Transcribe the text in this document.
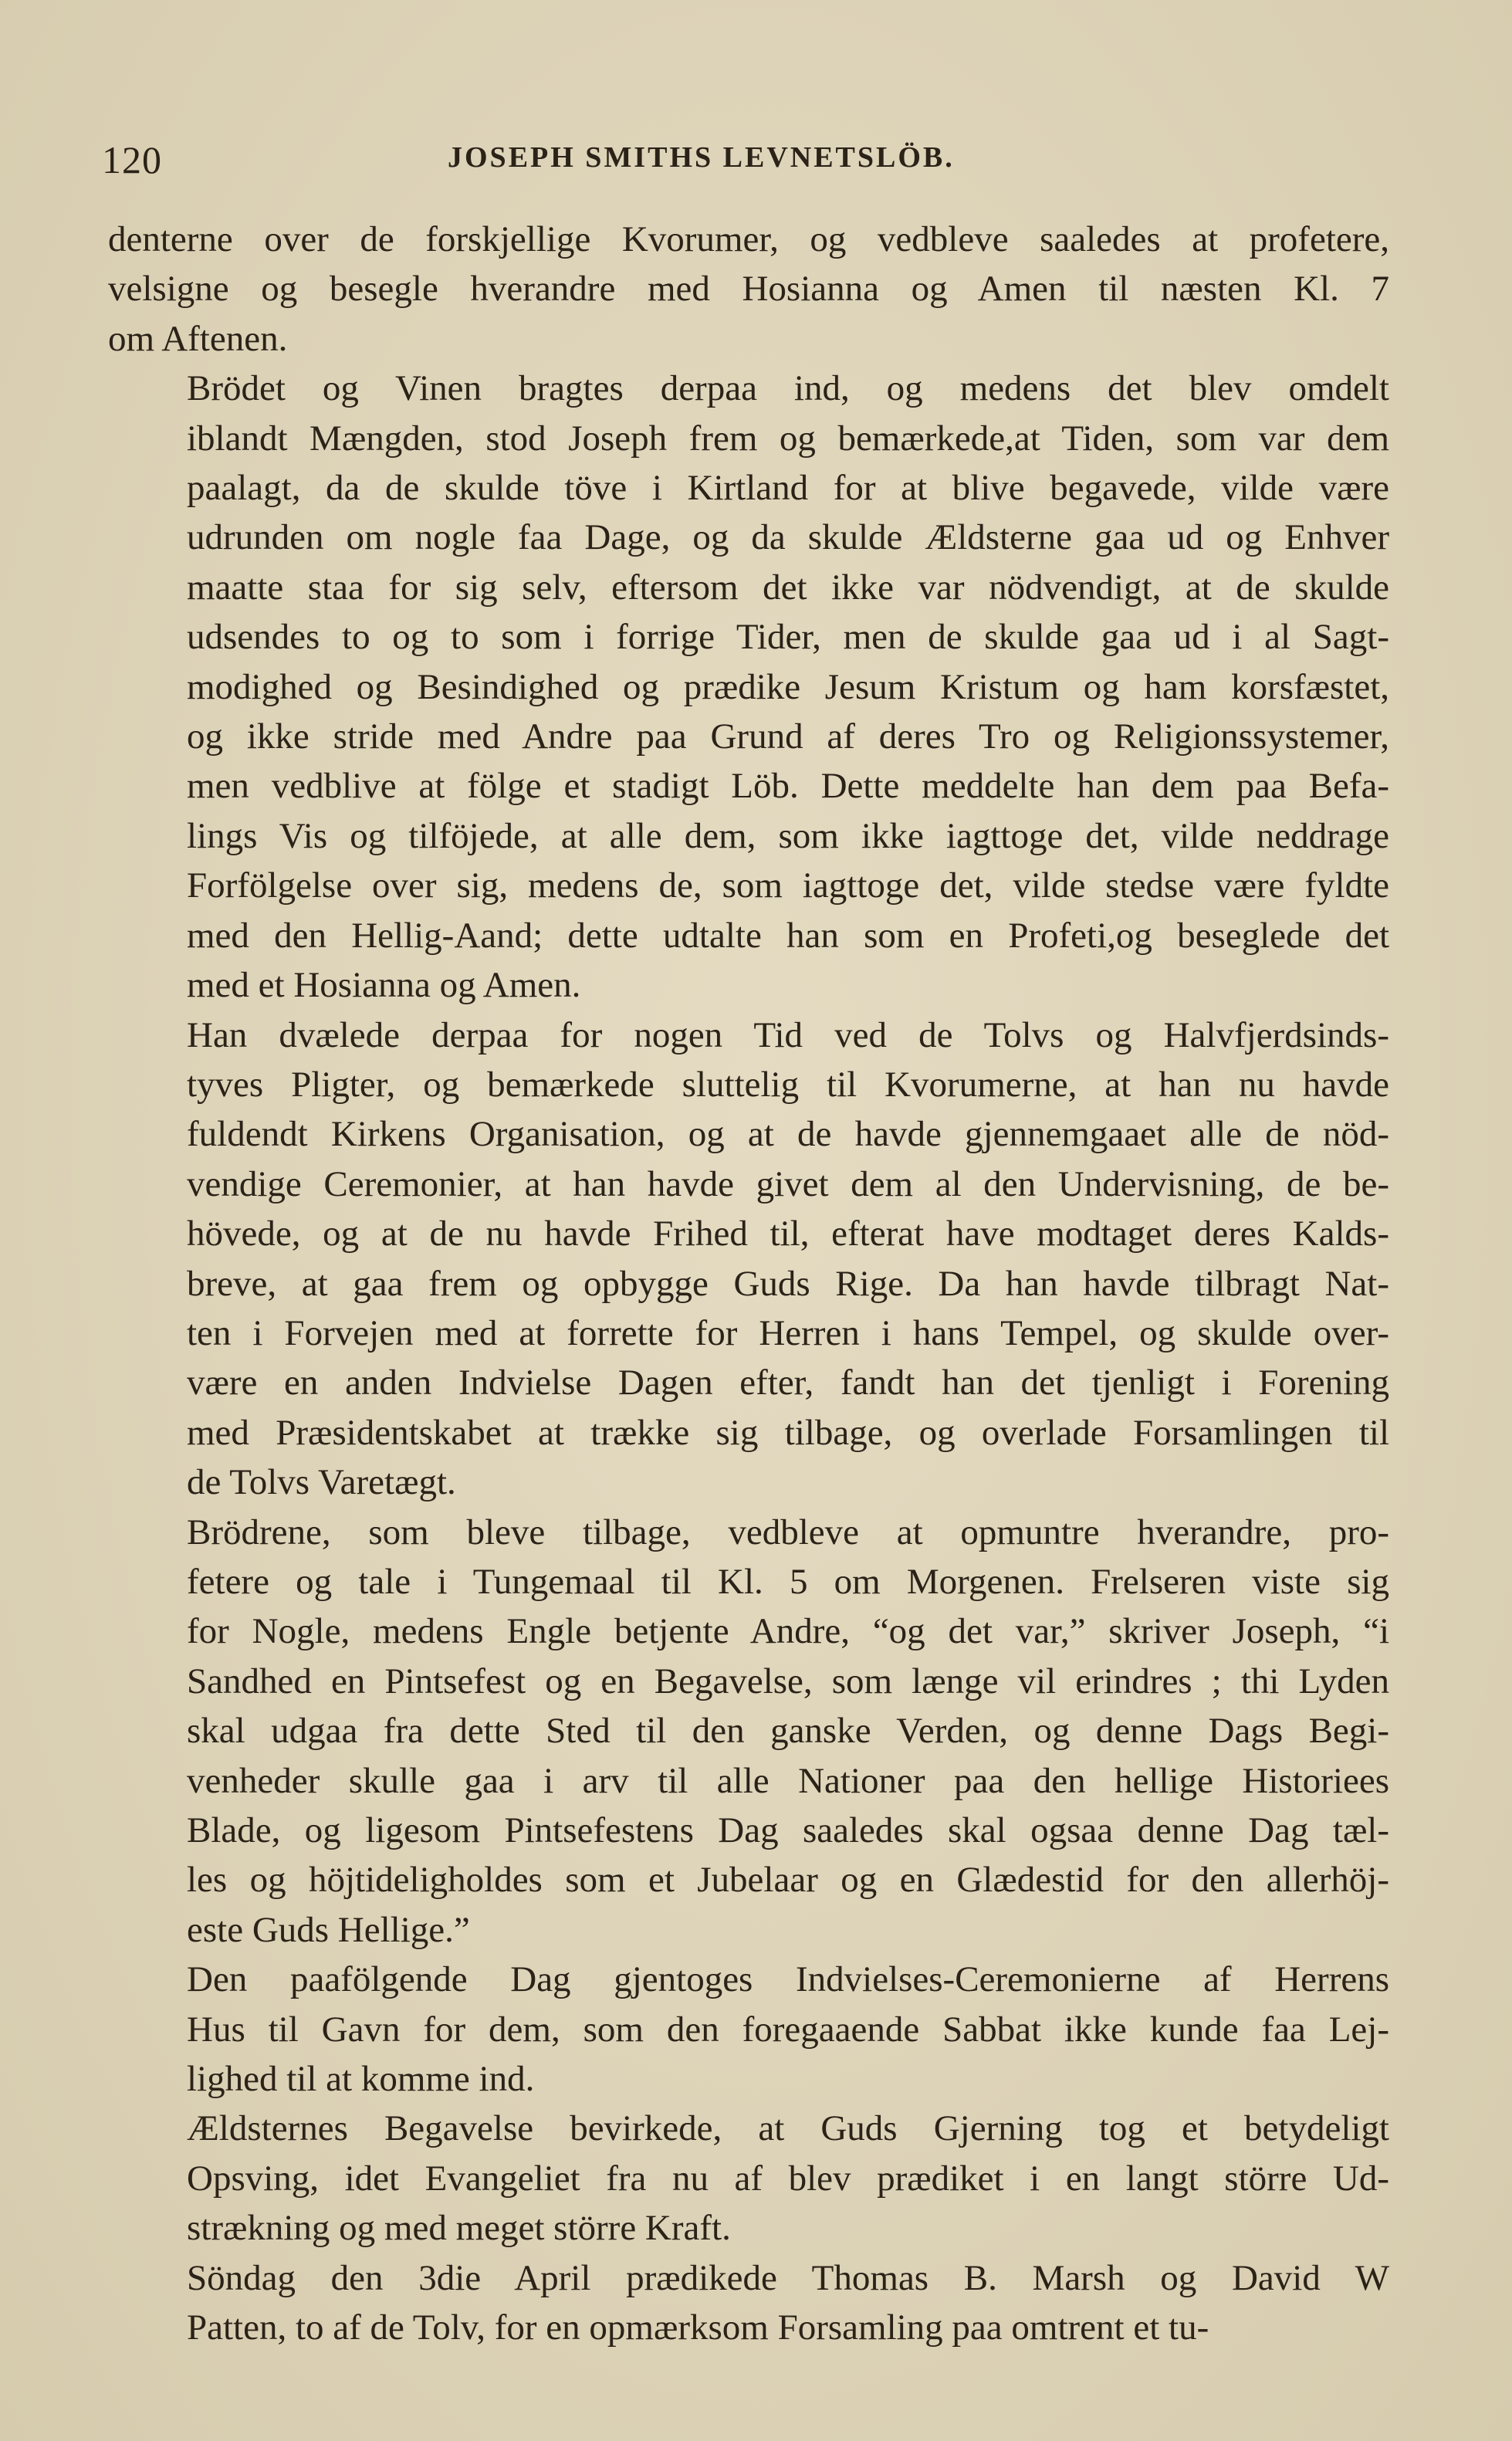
120	JOSEPH SMITHS LEVNETSLÖB.

denterne over de forskjellige Kvorumer, og vedbleve saaledes at profetere,
velsigne og besegle hverandre med Hosianna og Amen til næsten Kl. 7
om Aftenen.

Brödet og Vinen bragtes derpaa ind, og medens det blev omdelt
iblandt Mængden, stod Joseph frem og bemærkede,at Tiden, som var dem
paalagt, da de skulde töve i Kirtland for at blive begavede, vilde være
udrunden om nogle faa Dage, og da skulde Ældsterne gaa ud og Enhver
maatte staa for sig selv, eftersom det ikke var nödvendigt, at de skulde
udsendes to og to som i forrige Tider, men de skulde gaa ud i al Sagt-
modighed og Besindighed og prædike Jesum Kristum og ham korsfæstet,
og ikke stride med Andre paa Grund af deres Tro og Religionssystemer,
men vedblive at fölge et stadigt Löb. Dette meddelte han dem paa Befa-
lings Vis og tilföjede, at alle dem, som ikke iagttoge det, vilde neddrage
Forfölgelse over sig, medens de, som iagttoge det, vilde stedse være fyldte
med den Hellig-Aand; dette udtalte han som en Profeti,og beseglede det
med et Hosianna og Amen.

Han dvælede derpaa for nogen Tid ved de Tolvs og Halvfjerdsinds-
tyves Pligter, og bemærkede sluttelig til Kvorumerne, at han nu havde
fuldendt Kirkens Organisation, og at de havde gjennemgaaet alle de nöd-
vendige Ceremonier, at han havde givet dem al den Undervisning, de be-
hövede, og at de nu havde Frihed til, efterat have modtaget deres Kalds-
breve, at gaa frem og opbygge Guds Rige. Da han havde tilbragt Nat-
ten i Forvejen med at forrette for Herren i hans Tempel, og skulde over-
være en anden Indvielse Dagen efter, fandt han det tjenligt i Forening
med Præsidentskabet at trække sig tilbage, og overlade Forsamlingen til
de Tolvs Varetægt.

Brödrene, som bleve tilbage, vedbleve at opmuntre hverandre, pro-
fetere og tale i Tungemaal til Kl. 5 om Morgenen. Frelseren viste sig
for Nogle, medens Engle betjente Andre, “og det var,” skriver Joseph, “i
Sandhed en Pintsefest og en Begavelse, som længe vil erindres ; thi Lyden
skal udgaa fra dette Sted til den ganske Verden, og denne Dags Begi-
venheder skulle gaa i arv til alle Nationer paa den hellige Historiees
Blade, og ligesom Pintsefestens Dag saaledes skal ogsaa denne Dag tæl-
les og höjtideligholdes som et Jubelaar og en Glædestid for den allerhöj-
este Guds Hellige.”

Den paafölgende Dag gjentoges Indvielses-Ceremonierne af Herrens
Hus til Gavn for dem, som den foregaaende Sabbat ikke kunde faa Lej-
lighed til at komme ind.

Ældsternes Begavelse bevirkede, at Guds Gjerning tog et betydeligt
Opsving, idet Evangeliet fra nu af blev prædiket i en langt större Ud-
strækning og med meget större Kraft.

Söndag den 3die April prædikede Thomas B. Marsh og David W
Patten, to af de Tolv, for en opmærksom Forsamling paa omtrent et tu-
